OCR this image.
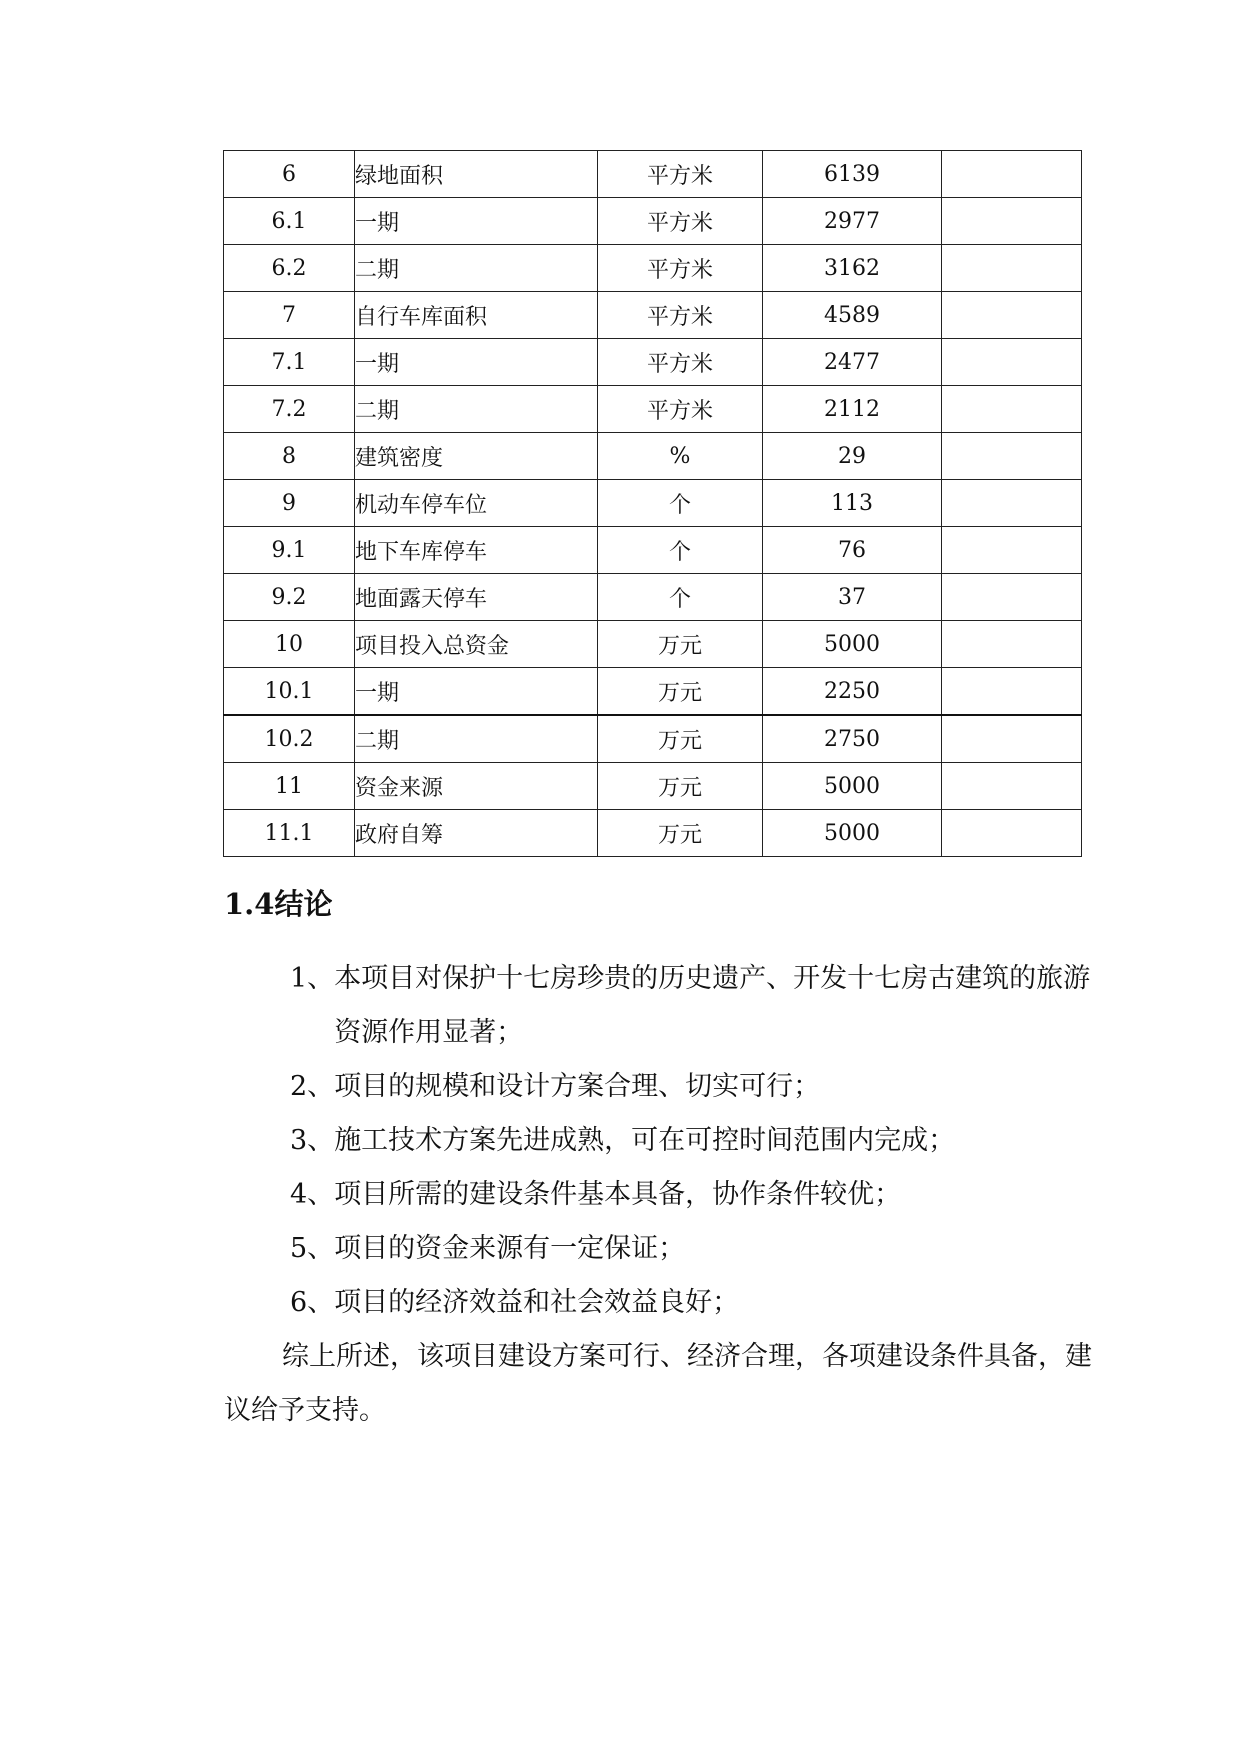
6	绿地面积	平方米	6139	
6.1	一期	平方米	2977	
6.2	二期	平方米	3162	
7	自行车库面积	平方米	4589	
7.1	一期	平方米	2477	
7.2	二期	平方米	2112	
8	建筑密度	%	29	
9	机动车停车位	个	113	
9.1	地下车库停车	个	76	
9.2	地面露天停车	个	37	
10	项目投入总资金	万元	5000	
10.1	一期	万元	2250	
10.2	二期	万元	2750	
11	资金来源	万元	5000	
11.1	政府自筹	万元	5000	
1.4结论
1、 本项目对保护十七房珍贵的历史遗产、开发十七房古建筑的旅游资源作用显著；
2、 项目的规模和设计方案合理、切实可行；
3、 施工技术方案先进成熟，可在可控时间范围内完成；
4、 项目所需的建设条件基本具备，协作条件较优；
5、 项目的资金来源有一定保证；
6、 项目的经济效益和社会效益良好；

综上所述，该项目建设方案可行、经济合理，各项建设条件具备，建议给予支持。
